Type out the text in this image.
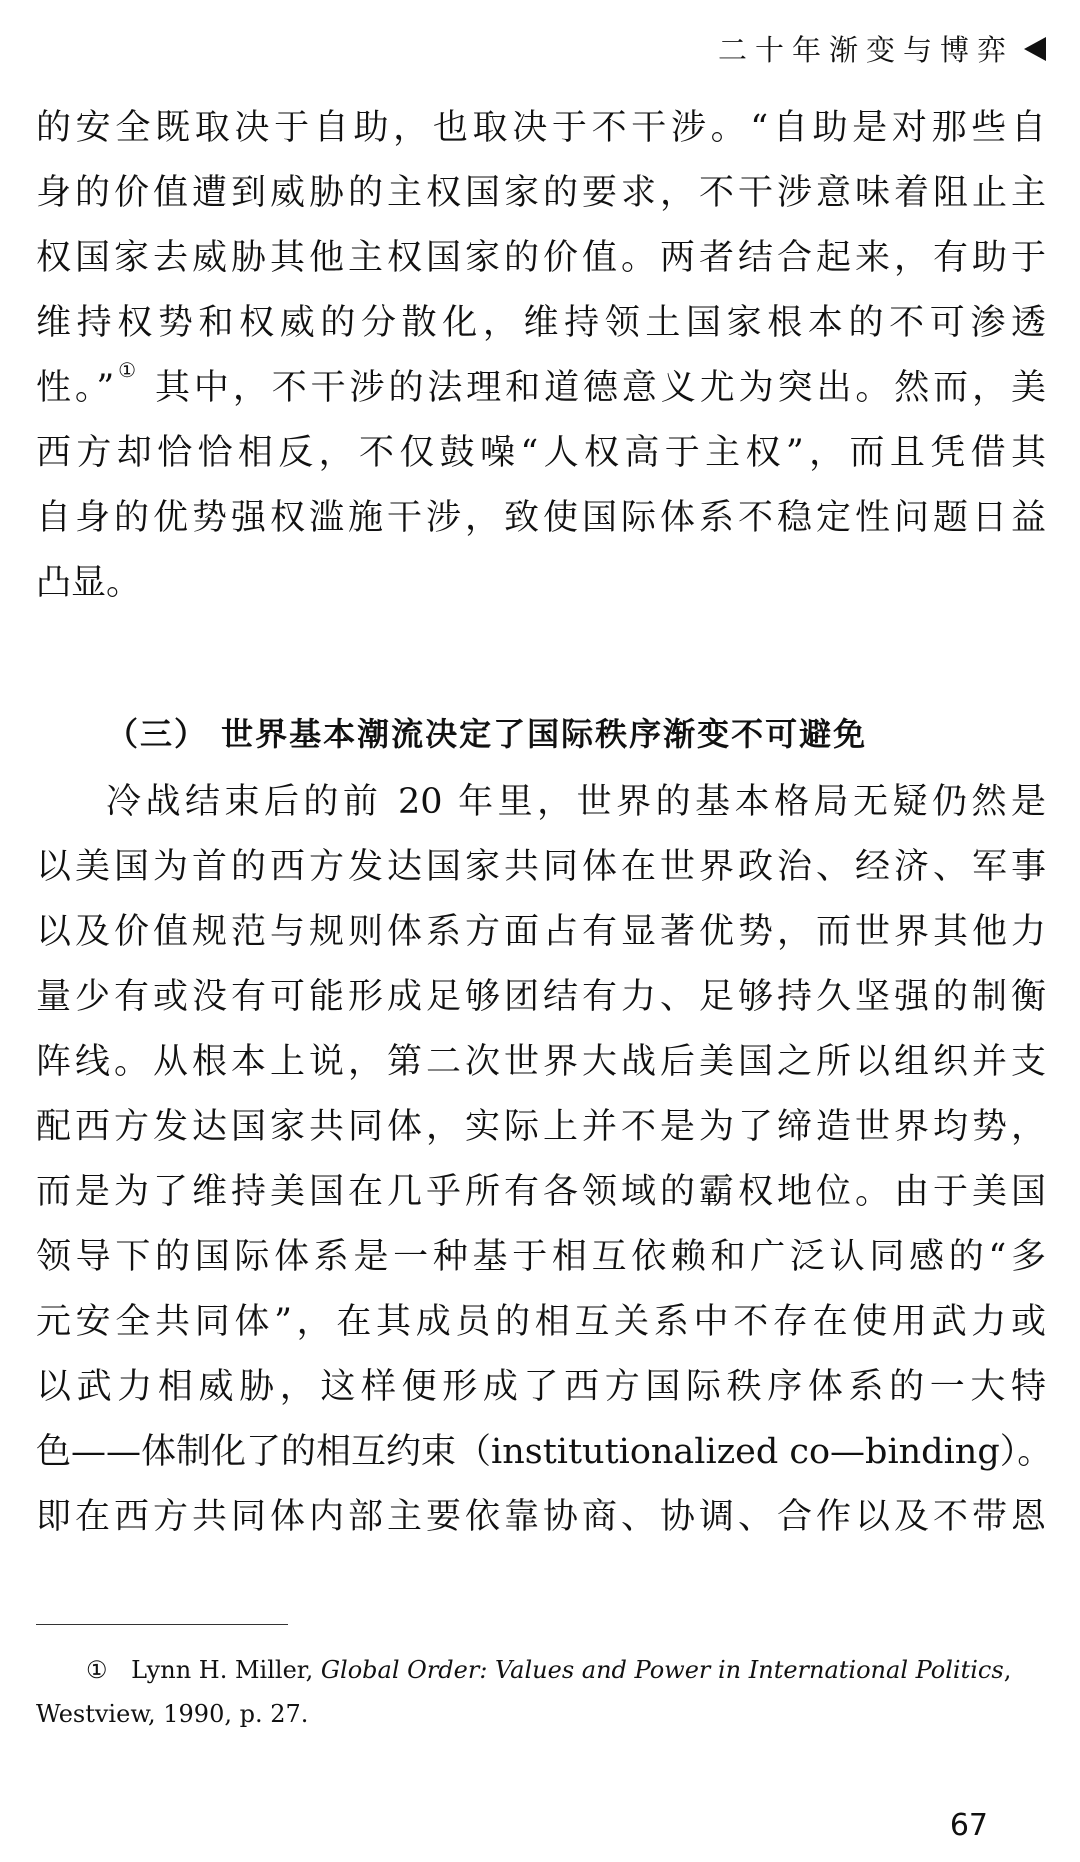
二十年渐变与博弈
的安全既取决于自助，也取决于不干涉。“自助是对那些自
身的价值遭到威胁的主权国家的要求，不干涉意味着阻止主
权国家去威胁其他主权国家的价值。两者结合起来，有助于
维持权势和权威的分散化，维持领土国家根本的不可渗透
性。”① 其中，不干涉的法理和道德意义尤为突出。然而，美
西方却恰恰相反，不仅鼓噪“人权高于主权”，而且凭借其
自身的优势强权滥施干涉，致使国际体系不稳定性问题日益
凸显。
（三） 世界基本潮流决定了国际秩序渐变不可避免
冷战结束后的前 20 年里，世界的基本格局无疑仍然是
以美国为首的西方发达国家共同体在世界政治、经济、军事
以及价值规范与规则体系方面占有显著优势，而世界其他力
量少有或没有可能形成足够团结有力、足够持久坚强的制衡
阵线。从根本上说，第二次世界大战后美国之所以组织并支
配西方发达国家共同体，实际上并不是为了缔造世界均势，
而是为了维持美国在几乎所有各领域的霸权地位。由于美国
领导下的国际体系是一种基于相互依赖和广泛认同感的“多
元安全共同体”，在其成员的相互关系中不存在使用武力或
以武力相威胁，这样便形成了西方国际秩序体系的一大特
色——体制化了的相互约束（institutionalized co—binding）。
即在西方共同体内部主要依靠协商、协调、合作以及不带恩
① Lynn H. Miller, Global Order: Values and Power in International Politics,
Westview, 1990, p. 27.
67
